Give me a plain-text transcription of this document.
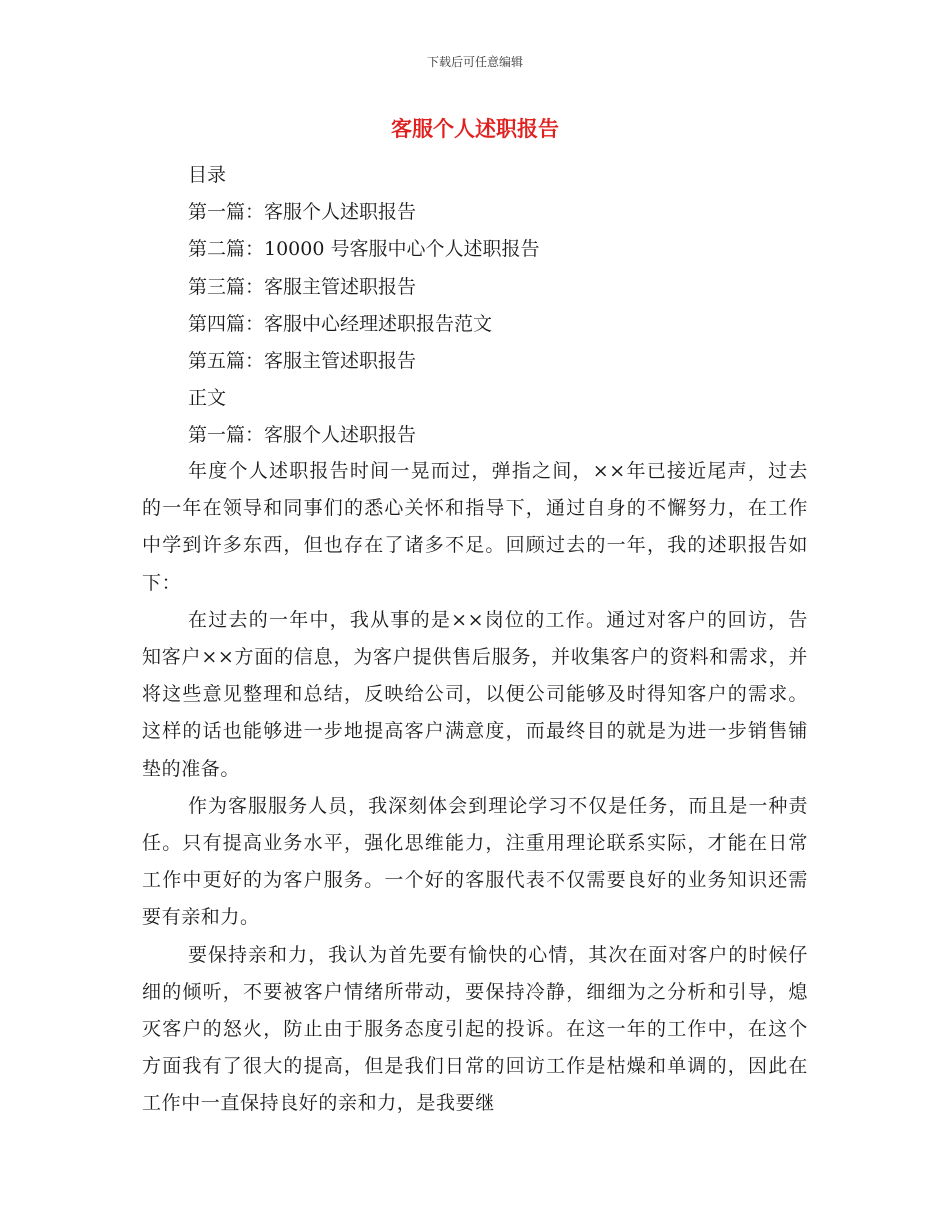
下载后可任意编辑
客服个人述职报告
目录
第一篇：客服个人述职报告
第二篇：10000 号客服中心个人述职报告
第三篇：客服主管述职报告
第四篇：客服中心经理述职报告范文
第五篇：客服主管述职报告
正文
第一篇：客服个人述职报告

年度个人述职报告时间一晃而过，弹指之间，××年已接近尾声，过去的一年在领导和同事们的悉心关怀和指导下，通过自身的不懈努力，在工作中学到许多东西，但也存在了诸多不足。回顾过去的一年，我的述职报告如下：

在过去的一年中，我从事的是××岗位的工作。通过对客户的回访，告知客户××方面的信息，为客户提供售后服务，并收集客户的资料和需求，并将这些意见整理和总结，反映给公司，以便公司能够及时得知客户的需求。这样的话也能够进一步地提高客户满意度，而最终目的就是为进一步销售铺垫的准备。

作为客服服务人员，我深刻体会到理论学习不仅是任务，而且是一种责任。只有提高业务水平，强化思维能力，注重用理论联系实际，才能在日常工作中更好的为客户服务。一个好的客服代表不仅需要良好的业务知识还需要有亲和力。

要保持亲和力，我认为首先要有愉快的心情，其次在面对客户的时候仔细的倾听，不要被客户情绪所带动，要保持冷静，细细为之分析和引导，熄灭客户的怒火，防止由于服务态度引起的投诉。在这一年的工作中，在这个方面我有了很大的提高，但是我们日常的回访工作是枯燥和单调的，因此在工作中一直保持良好的亲和力，是我要继
